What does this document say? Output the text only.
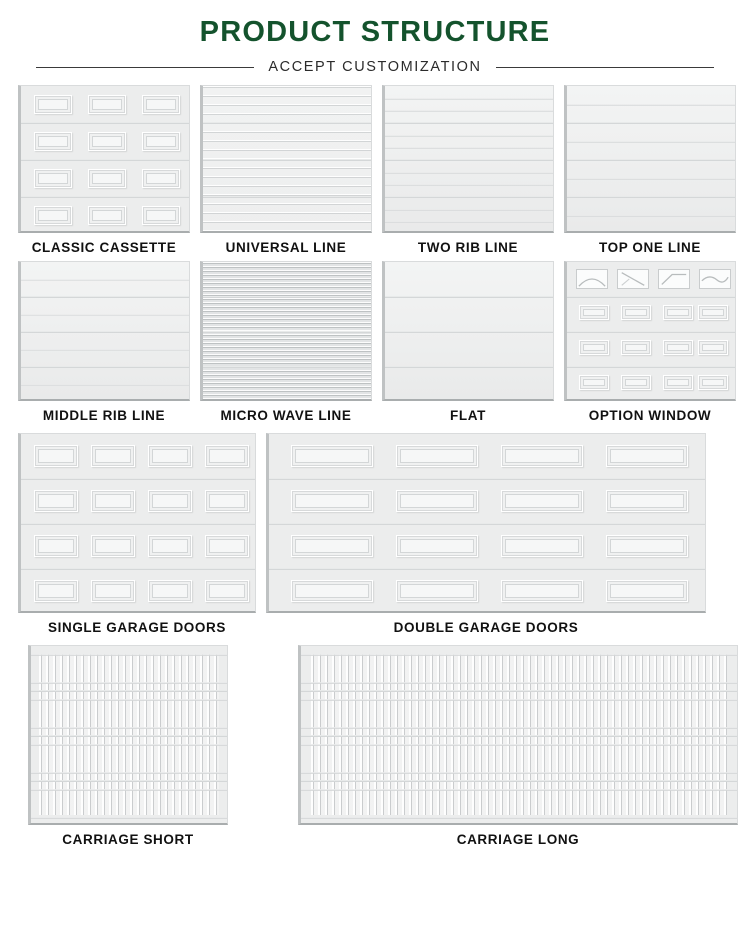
PRODUCT STRUCTURE
ACCEPT CUSTOMIZATION
CLASSIC CASSETTE	UNIVERSAL LINE	TWO RIB LINE	TOP ONE LINE
MIDDLE RIB LINE	MICRO WAVE LINE	FLAT	OPTION WINDOW
SINGLE GARAGE DOORS	DOUBLE GARAGE DOORS
CARRIAGE SHORT	CARRIAGE LONG
